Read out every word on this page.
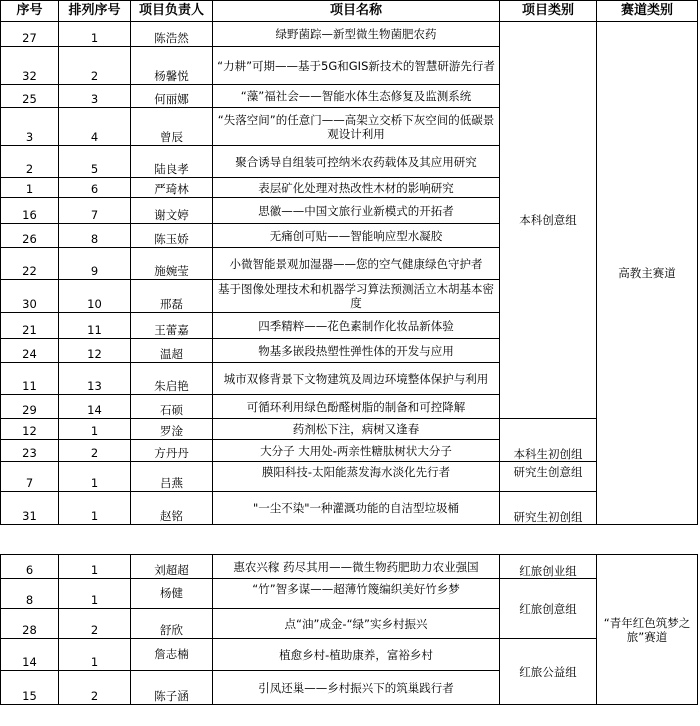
序号	排列序号	项目负责人	项目名称	项目类别	赛道类别
27	1	陈浩然	绿野菌踪—新型微生物菌肥农药	本科创意组	高教主赛道
32	2	杨馨悦	“力耕”可期——基于5G和GIS新技术的智慧研游先行者		
25	3	何丽娜	“藻”福社会——智能水体生态修复及监测系统		
3	4	曾辰	“失落空间”的任意门——高架立交桥下灰空间的低碳景观设计利用		
2	5	陆良孝	聚合诱导自组装可控纳米农药载体及其应用研究		
1	6	严琦林	表层矿化处理对热改性木材的影响研究		
16	7	谢文婷	思徽——中国文旅行业新模式的开拓者		
26	8	陈玉娇	无痛创可贴——智能响应型水凝胶		
22	9	施婉莹	小微智能景观加湿器——您的空气健康绿色守护者		
30	10	邢磊	基于图像处理技术和机器学习算法预测活立木胡基本密度		
21	11	王蕾嘉	四季精粹——花色素制作化妆品新体验		
24	12	温超	物基多嵌段热塑性弹性体的开发与应用		
11	13	朱启艳	城市双修背景下文物建筑及周边环境整体保护与利用		
29	14	石硕	可循环利用绿色酚醛树脂的制备和可控降解		
12	1	罗淦	药剂松下注，病树又逢春	本科生初创组	
23	2	方丹丹	大分子 大用处-两亲性糖肽树状大分子		
7	1	吕燕	膜阳科技-太阳能蒸发海水淡化先行者	研究生创意组	
31	1	赵铭	"一尘不染"一种灌溉功能的自洁型垃圾桶	研究生初创组	

6	1	刘超超	惠农兴稼 药尽其用——微生物药肥助力农业强国	红旅创业组	“青年红色筑梦之旅”赛道
8	1	杨健	“竹”智多谋——超薄竹篾编织美好竹乡梦	红旅创意组	
28	2	舒欣	点“油”成金-“绿”实乡村振兴		
14	1	詹志楠	植愈乡村-植助康养，富裕乡村	红旅公益组	
15	2	陈子涵	引凤还巢——乡村振兴下的筑巢践行者		
